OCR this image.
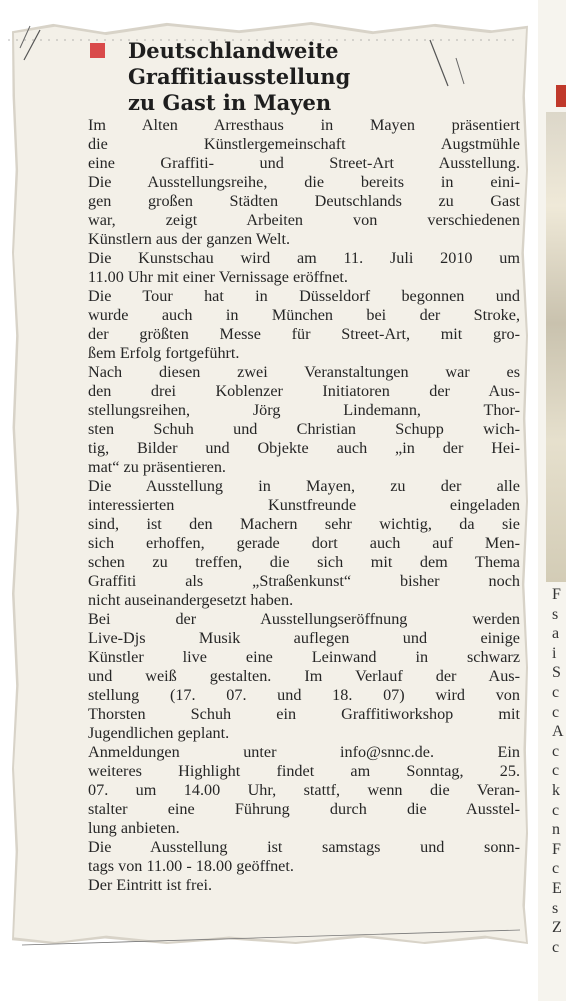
Deutschlandweite
Graffitiausstellung
zu Gast in Mayen
Im Alten Arresthaus in Mayen präsentiert
die Künstlergemeinschaft Augstmühle
eine Graffiti- und Street-Art Ausstellung.
Die Ausstellungsreihe, die bereits in eini-
gen großen Städten Deutschlands zu Gast
war, zeigt Arbeiten von verschiedenen
Künstlern aus der ganzen Welt.
Die Kunstschau wird am 11. Juli 2010 um
11.00 Uhr mit einer Vernissage eröffnet.
Die Tour hat in Düsseldorf begonnen und
wurde auch in München bei der Stroke,
der größten Messe für Street-Art, mit gro-
ßem Erfolg fortgeführt.
Nach diesen zwei Veranstaltungen war es
den drei Koblenzer Initiatoren der Aus-
stellungsreihen, Jörg Lindemann, Thor-
sten Schuh und Christian Schupp wich-
tig, Bilder und Objekte auch „in der Hei-
mat“ zu präsentieren.
Die Ausstellung in Mayen, zu der alle
interessierten Kunstfreunde eingeladen
sind, ist den Machern sehr wichtig, da sie
sich erhoffen, gerade dort auch auf Men-
schen zu treffen, die sich mit dem Thema
Graffiti als „Straßenkunst“ bisher noch
nicht auseinandergesetzt haben.
Bei der Ausstellungseröffnung werden
Live-Djs Musik auflegen und einige
Künstler live eine Leinwand in schwarz
und weiß gestalten. Im Verlauf der Aus-
stellung (17. 07. und 18. 07) wird von
Thorsten Schuh ein Graffitiworkshop mit
Jugendlichen geplant.
Anmeldungen unter info@snnc.de. Ein
weiteres Highlight findet am Sonntag, 25.
07. um 14.00 Uhr, stattf, wenn die Veran-
stalter eine Führung durch die Ausstel-
lung anbieten.
Die Ausstellung ist samstags und sonn-
tags von 11.00 - 18.00 geöffnet.
Der Eintritt ist frei.
F
s
a
i
S
c
c
A
c
c
k
c
n
F
c
E
s
Z
c
